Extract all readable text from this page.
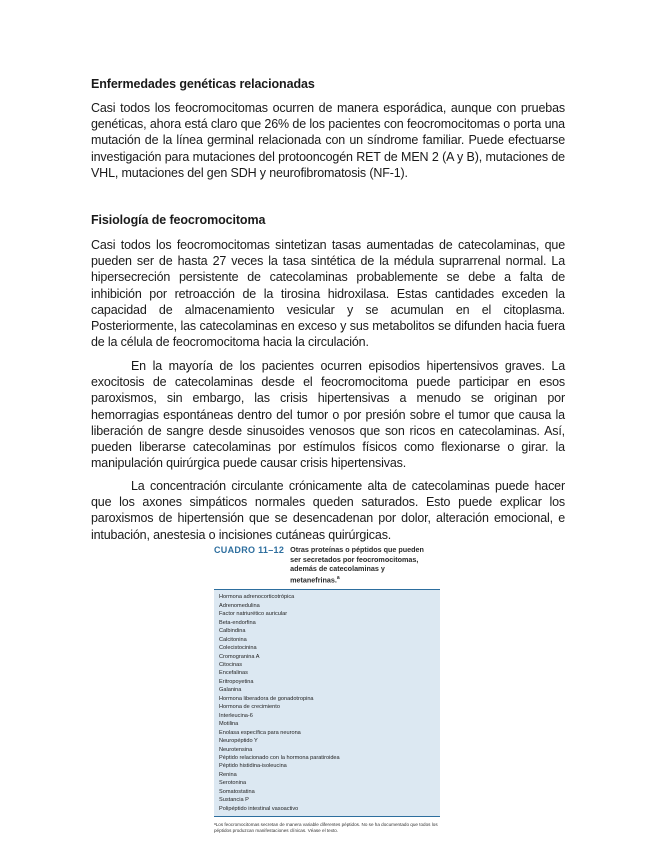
Enfermedades genéticas relacionadas

Casi todos los feocromocitomas ocurren de manera esporádica, aunque con pruebas genéticas, ahora está claro que 26% de los pacientes con feocromocitomas o porta una mutación de la línea germinal relacionada con un síndrome familiar. Puede efectuarse investigación para mutaciones del protooncogén RET de MEN 2 (A y B), mutaciones de VHL, mutaciones del gen SDH y neurofibromatosis (NF-1).

Fisiología de feocromocitoma

Casi todos los feocromocitomas sintetizan tasas aumentadas de catecolaminas, que pueden ser de hasta 27 veces la tasa sintética de la médula suprarrenal normal. La hipersecreción persistente de catecolaminas probablemente se debe a falta de inhibición por retroacción de la tirosina hidroxilasa. Estas cantidades exceden la capacidad de almacenamiento vesicular y se acumulan en el citoplasma. Posteriormente, las catecolaminas en exceso y sus metabolitos se difunden hacia fuera de la célula de feocromocitoma hacia la circulación.

En la mayoría de los pacientes ocurren episodios hipertensivos graves. La exocitosis de catecolaminas desde el feocromocitoma puede participar en esos paroxismos, sin embargo, las crisis hipertensivas a menudo se originan por hemorragias espontáneas dentro del tumor o por presión sobre el tumor que causa la liberación de sangre desde sinusoides venosos que son ricos en catecolaminas. Así, pueden liberarse catecolaminas por estímulos físicos como flexionarse o girar. la manipulación quirúrgica puede causar crisis hipertensivas.

La concentración circulante crónicamente alta de catecolaminas puede hacer que los axones simpáticos normales queden saturados. Esto puede explicar los paroxismos de hipertensión que se desencadenan por dolor, alteración emocional, e intubación, anestesia o incisiones cutáneas quirúrgicas.

CUADRO 11–12 Otras proteínas o péptidos que pueden ser secretados por feocromocitomas, además de catecolaminas y metanefrinas.$^a$
Hormona adrenocorticotrópica
Adrenomedulina
Factor natriurético auricular
Beta-endorfina
Calbindina
Calcitonina
Colecistocinina
Cromogranina A
Citocinas
Encefalinas
Eritropoyetina
Galanina
Hormona liberadora de gonadotropina
Hormona de crecimiento
Interleucina-6
Motilina
Enolasa específica para neurona
Neuropéptido Y
Neurotensina
Péptido relacionado con la hormona paratiroidea
Péptido histidina-isoleucina
Renina
Serotonina
Somatostatina
Sustancia P
Polipéptido intestinal vasoactivo
ᵃLos feocromocitomas secretan de manera variable diferentes péptidos. No se ha documentado que todos los péptidos produzcan manifestaciones clínicas. Véase el texto.
